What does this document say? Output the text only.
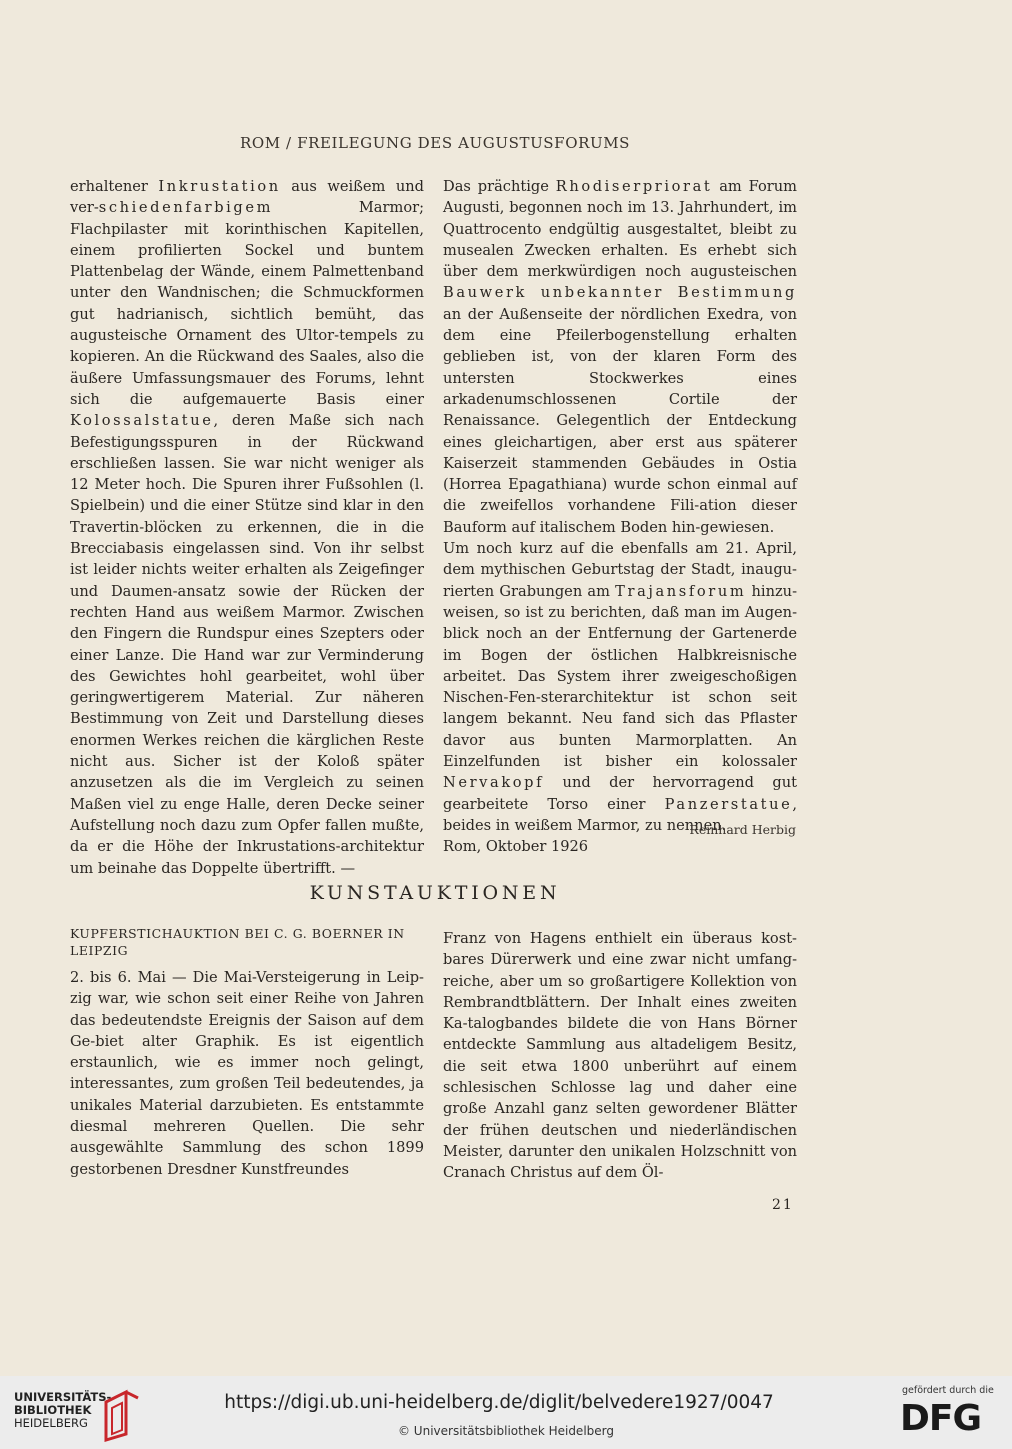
ROM / FREILEGUNG DES AUGUSTUSFORUMS

erhaltener Inkrustation aus weißem und ver-schiedenfarbigem Marmor; Flachpilaster mit korinthischen Kapitellen, einem profilierten Sockel und buntem Plattenbelag der Wände, einem Palmettenband unter den Wandnischen; die Schmuckformen gut hadrianisch, sichtlich bemüht, das augusteische Ornament des Ultor-tempels zu kopieren. An die Rückwand des Saales, also die äußere Umfassungsmauer des Forums, lehnt sich die aufgemauerte Basis einer Kolossalstatue, deren Maße sich nach Befestigungsspuren in der Rückwand erschließen lassen. Sie war nicht weniger als 12 Meter hoch. Die Spuren ihrer Fußsohlen (l. Spielbein) und die einer Stütze sind klar in den Travertin-blöcken zu erkennen, die in die Brecciabasis eingelassen sind. Von ihr selbst ist leider nichts weiter erhalten als Zeigefinger und Daumen-ansatz sowie der Rücken der rechten Hand aus weißem Marmor. Zwischen den Fingern die Rundspur eines Szepters oder einer Lanze. Die Hand war zur Verminderung des Gewichtes hohl gearbeitet, wohl über geringwertigerem Material. Zur näheren Bestimmung von Zeit und Darstellung dieses enormen Werkes reichen die kärglichen Reste nicht aus. Sicher ist der Koloß später anzusetzen als die im Vergleich zu seinen Maßen viel zu enge Halle, deren Decke seiner Aufstellung noch dazu zum Opfer fallen mußte, da er die Höhe der Inkrustations-architektur um beinahe das Doppelte übertrifft. —

Das prächtige Rhodiserpriorat am Forum Augusti, begonnen noch im 13. Jahrhundert, im Quattrocento endgültig ausgestaltet, bleibt zu musealen Zwecken erhalten. Es erhebt sich über dem merkwürdigen noch augusteischen Bauwerk unbekannter Bestimmung an der Außenseite der nördlichen Exedra, von dem eine Pfeilerbogenstellung erhalten geblieben ist, von der klaren Form des untersten Stockwerkes eines arkadenumschlossenen Cortile der Renaissance. Gelegentlich der Entdeckung eines gleichartigen, aber erst aus späterer Kaiserzeit stammenden Gebäudes in Ostia (Horrea Epagathiana) wurde schon einmal auf die zweifellos vorhandene Fili-ation dieser Bauform auf italischem Boden hin-gewiesen.

Um noch kurz auf die ebenfalls am 21. April, dem mythischen Geburtstag der Stadt, inaugu-rierten Grabungen am Trajansforum hinzu-weisen, so ist zu berichten, daß man im Augen-blick noch an der Entfernung der Gartenerde im Bogen der östlichen Halbkreisnische arbeitet. Das System ihrer zweigeschoßigen Nischen-Fen-sterarchitektur ist schon seit langem bekannt. Neu fand sich das Pflaster davor aus bunten Marmorplatten. An Einzelfunden ist bisher ein kolossaler Nervakopf und der hervorragend gut gearbeitete Torso einer Panzerstatue, beides in weißem Marmor, zu nennen.

Rom, Oktober 1926

Reinhard Herbig
KUNSTAUKTIONEN

KUPFERSTICHAUKTION BEI C. G. BOERNER IN LEIPZIG

2. bis 6. Mai — Die Mai-Versteigerung in Leip-zig war, wie schon seit einer Reihe von Jahren das bedeutendste Ereignis der Saison auf dem Ge-biet alter Graphik. Es ist eigentlich erstaunlich, wie es immer noch gelingt, interessantes, zum großen Teil bedeutendes, ja unikales Material darzubieten. Es entstammte diesmal mehreren Quellen. Die sehr ausgewählte Sammlung des schon 1899 gestorbenen Dresdner Kunstfreundes

Franz von Hagens enthielt ein überaus kost-bares Dürerwerk und eine zwar nicht umfang-reiche, aber um so großartigere Kollektion von Rembrandtblättern. Der Inhalt eines zweiten Ka-talogbandes bildete die von Hans Börner entdeckte Sammlung aus altadeligem Besitz, die seit etwa 1800 unberührt auf einem schlesischen Schlosse lag und daher eine große Anzahl ganz selten gewordener Blätter der frühen deutschen und niederländischen Meister, darunter den unikalen Holzschnitt von Cranach Christus auf dem Öl-

21
UNIVERSITÄTS-
BIBLIOTHEK
HEIDELBERG
https://digi.ub.uni-heidelberg.de/diglit/belvedere1927/0047
© Universitätsbibliothek Heidelberg
gefördert durch die
DFG
